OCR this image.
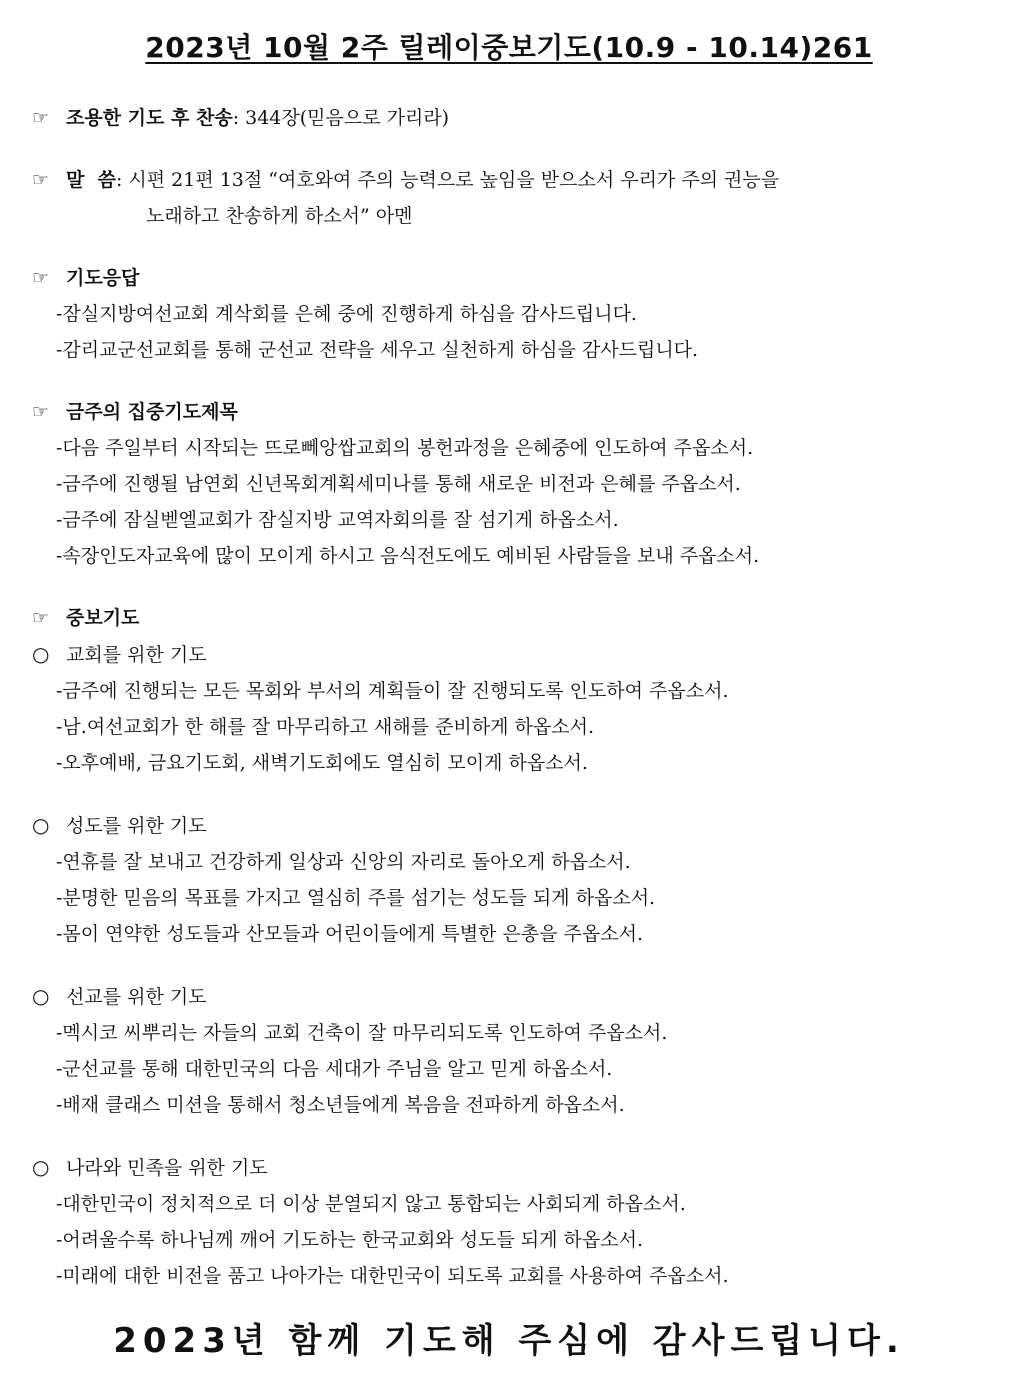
2023년 10월 2주 릴레이중보기도(10.9 - 10.14)261
☞ 조용한 기도 후 찬송: 344장(믿음으로 가리라)
☞ 말  씀: 시편 21편 13절 “여호와여 주의 능력으로 높임을 받으소서 우리가 주의 권능을
노래하고 찬송하게 하소서” 아멘
☞ 기도응답
-잠실지방여선교회 계삭회를 은혜 중에 진행하게 하심을 감사드립니다.
-감리교군선교회를 통해 군선교 전략을 세우고 실천하게 하심을 감사드립니다.
☞ 금주의 집중기도제목
-다음 주일부터 시작되는 뜨로뻬앙쌉교회의 봉헌과정을 은혜중에 인도하여 주옵소서.
-금주에 진행될 남연회 신년목회계획세미나를 통해 새로운 비전과 은혜를 주옵소서.
-금주에 잠실벧엘교회가 잠실지방 교역자회의를 잘 섬기게 하옵소서.
-속장인도자교육에 많이 모이게 하시고 음식전도에도 예비된 사람들을 보내 주옵소서.
☞ 중보기도
○ 교회를 위한 기도
-금주에 진행되는 모든 목회와 부서의 계획들이 잘 진행되도록 인도하여 주옵소서.
-남.여선교회가 한 해를 잘 마무리하고 새해를 준비하게 하옵소서.
-오후예배, 금요기도회, 새벽기도회에도 열심히 모이게 하옵소서.
○ 성도를 위한 기도
-연휴를 잘 보내고 건강하게 일상과 신앙의 자리로 돌아오게 하옵소서.
-분명한 믿음의 목표를 가지고 열심히 주를 섬기는 성도들 되게 하옵소서.
-몸이 연약한 성도들과 산모들과 어린이들에게 특별한 은총을 주옵소서.
○ 선교를 위한 기도
-멕시코 씨뿌리는 자들의 교회 건축이 잘 마무리되도록 인도하여 주옵소서.
-군선교를 통해 대한민국의 다음 세대가 주님을 알고 믿게 하옵소서.
-배재 클래스 미션을 통해서 청소년들에게 복음을 전파하게 하옵소서.
○ 나라와 민족을 위한 기도
-대한민국이 정치적으로 더 이상 분열되지 않고 통합되는 사회되게 하옵소서.
-어려울수록 하나님께 깨어 기도하는 한국교회와 성도들 되게 하옵소서.
-미래에 대한 비전을 품고 나아가는 대한민국이 되도록 교회를 사용하여 주옵소서.
2023년 함께 기도해 주심에 감사드립니다.
